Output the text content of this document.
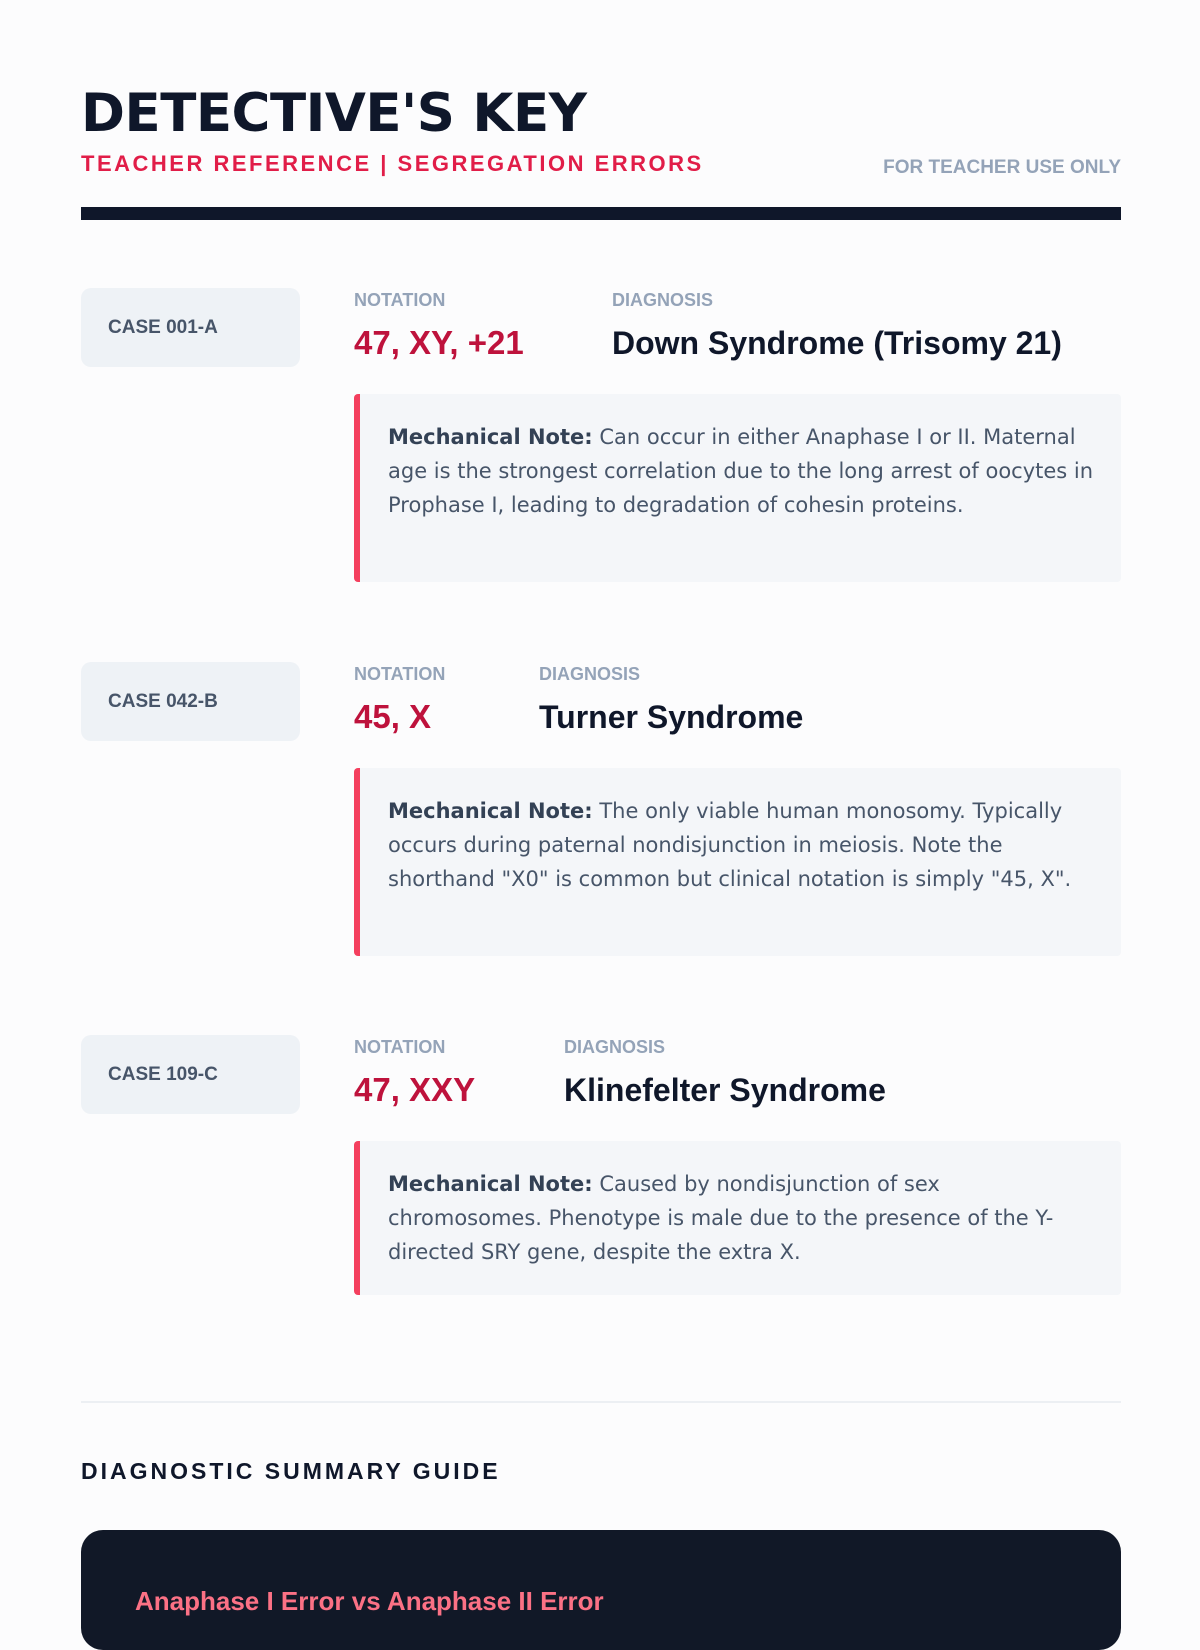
DETECTIVE'S KEY
TEACHER REFERENCE | SEGREGATION ERRORS	FOR TEACHER USE ONLY
CASE 001-A
NOTATION	DIAGNOSIS
47, XY, +21	Down Syndrome (Trisomy 21)
Mechanical Note: Can occur in either Anaphase I or II. Maternal age is the strongest correlation due to the long arrest of oocytes in Prophase I, leading to degradation of cohesin proteins.
CASE 042-B
NOTATION	DIAGNOSIS
45, X	Turner Syndrome
Mechanical Note: The only viable human monosomy. Typically occurs during paternal nondisjunction in meiosis. Note the shorthand "X0" is common but clinical notation is simply "45, X".
CASE 109-C
NOTATION	DIAGNOSIS
47, XXY	Klinefelter Syndrome
Mechanical Note: Caused by nondisjunction of sex chromosomes. Phenotype is male due to the presence of the Y-directed SRY gene, despite the extra X.
DIAGNOSTIC SUMMARY GUIDE
Anaphase I Error vs Anaphase II Error
